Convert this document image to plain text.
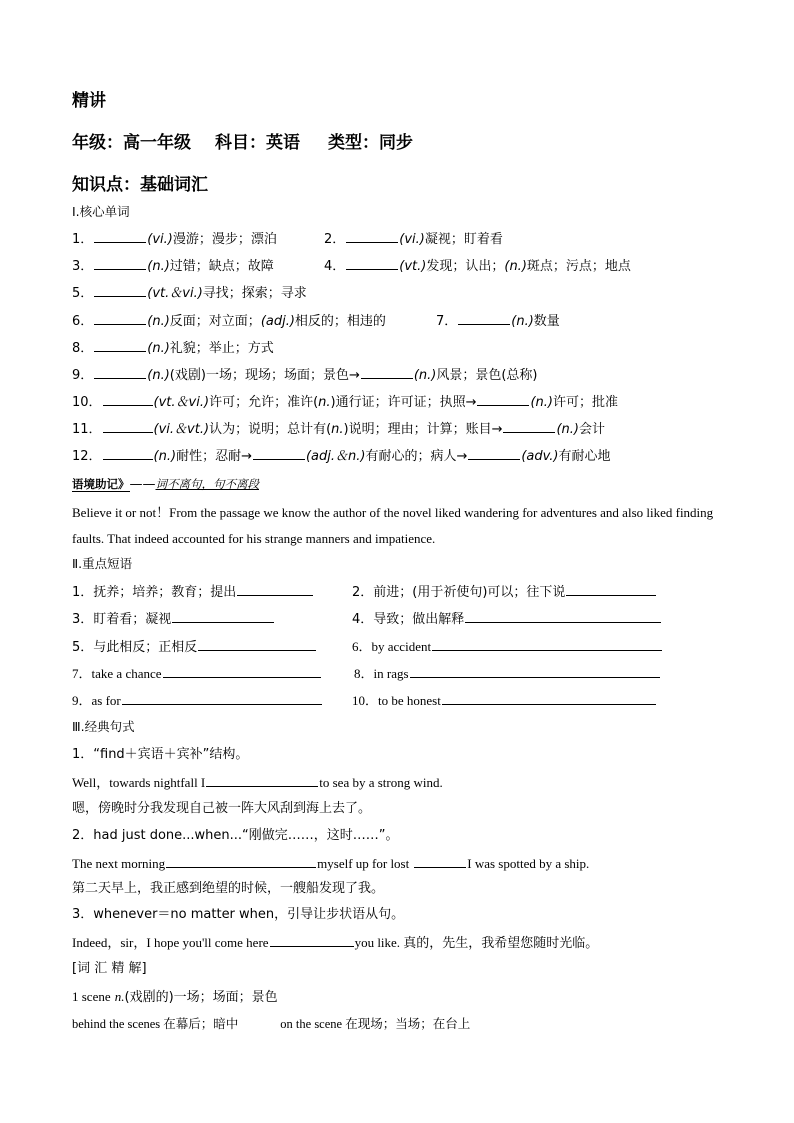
精讲
年级：高一年级 科目：英语 类型：同步
知识点：基础词汇
Ⅰ.核心单词
1．	(vi.)漫游；漫步；漂泊	2．	(vi.)凝视；盯着看
3．	(n.)过错；缺点；故障	4．	(vt.)发现；认出；(n.)斑点；污点；地点
5．	(vt.＆vi.)寻找；探索；寻求
6．	(n.)反面；对立面；(adj.)相反的；相违的	7．	(n.)数量
8．	(n.)礼貌；举止；方式
9．	(n.)(戏剧)一场；现场；场面；景色→	(n.)风景；景色(总称)
10．	(vt.＆vi.)许可；允许；准许(n.)通行证；许可证；执照→	(n.)许可；批准
11．	(vi.＆vt.)认为；说明；总计有(n.)说明；理由；计算；账目→	(n.)会计
12．	(n.)耐性；忍耐→	(adj.＆n.)有耐心的；病人→	(adv.)有耐心地
语境助记》——词不离句，句不离段
Believe it or not！From the passage we know the author of the novel liked wandering for adventures and also liked finding faults. That indeed accounted for his strange manners and impatience.
Ⅱ.重点短语
1．抚养；培养；教育；提出	2．前进；(用于祈使句)可以；往下说
3．盯着看；凝视	4．导致；做出解释
5．与此相反；正相反	6．by accident
7．take a chance	8．in rags
9．as for	10．to be honest
Ⅲ.经典句式
1．“find＋宾语＋宾补”结构。
Well，towards nightfall I	to sea by a strong wind.
嗯，傍晚时分我发现自己被一阵大风刮到海上去了。
2．had just done...when...“刚做完……，这时……”。
The next morning	myself up for lost	I was spotted by a ship.
第二天早上，我正感到绝望的时候，一艘船发现了我。
3．whenever＝no matter when，引导让步状语从句。
Indeed，sir，I hope you'll come here	you like. 真的，先生，我希望您随时光临。
[词 汇 精 解]
1 scene n.(戏剧的)一场；场面；景色
behind the scenes 在幕后；暗中	on the scene 在现场；当场；在台上
